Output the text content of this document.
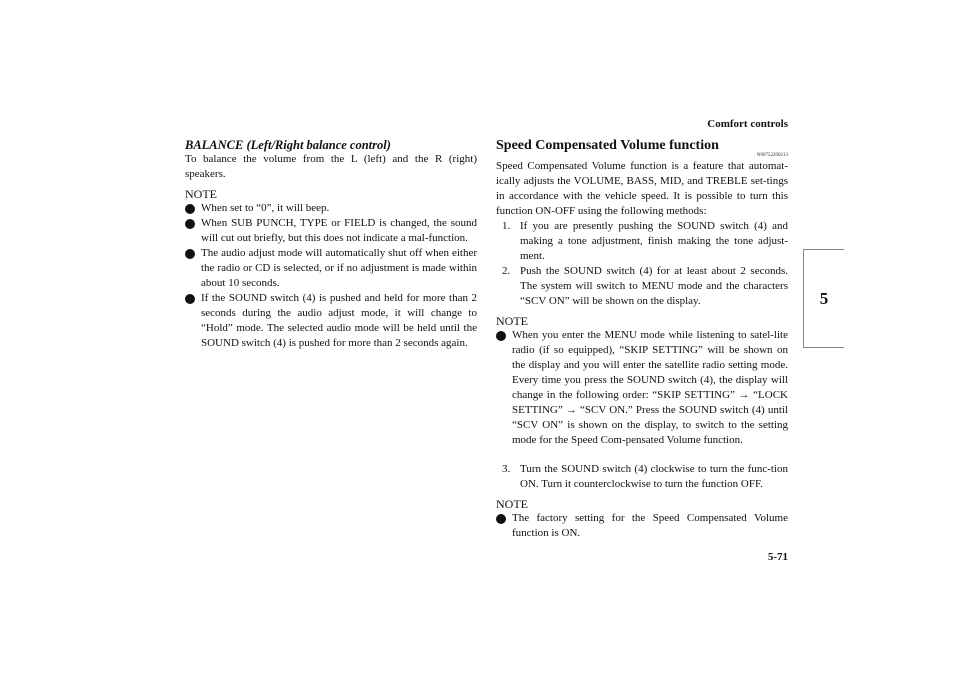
Comfort controls
5
BALANCE (Left/Right balance control)

To balance the volume from the L (left) and the R (right) speakers.

NOTE
When set to “0”, it will beep.
When SUB PUNCH, TYPE or FIELD is changed, the sound will cut out briefly, but this does not indicate a mal-function.
The audio adjust mode will automatically shut off when either the radio or CD is selected, or if no adjustment is made within about 10 seconds.
If the SOUND switch (4) is pushed and held for more than 2 seconds during the audio adjust mode, it will change to “Hold” mode. The selected audio mode will be held until the SOUND switch (4) is pushed for more than 2 seconds again.
Speed Compensated Volume function
N00752200213

Speed Compensated Volume function is a feature that automat-ically adjusts the VOLUME, BASS, MID, and TREBLE set-tings in accordance with the vehicle speed. It is possible to turn this function ON-OFF using the following methods:

1. If you are presently pushing the SOUND switch (4) and making a tone adjustment, finish making the tone adjust-ment.
2. Push the SOUND switch (4) for at least about 2 seconds. The system will switch to MENU mode and the characters “SCV ON” will be shown on the display.
NOTE
When you enter the MENU mode while listening to satel-lite radio (if so equipped), “SKIP SETTING” will be shown on the display and you will enter the satellite radio setting mode. Every time you press the SOUND switch (4), the display will change in the following order: “SKIP SETTING” → “LOCK SETTING” → “SCV ON.” Press the SOUND switch (4) until “SCV ON” is shown on the display, to switch to the setting mode for the Speed Com-pensated Volume function.
3. Turn the SOUND switch (4) clockwise to turn the func-tion ON. Turn it counterclockwise to turn the function OFF.
NOTE
The factory setting for the Speed Compensated Volume function is ON.
5-71
